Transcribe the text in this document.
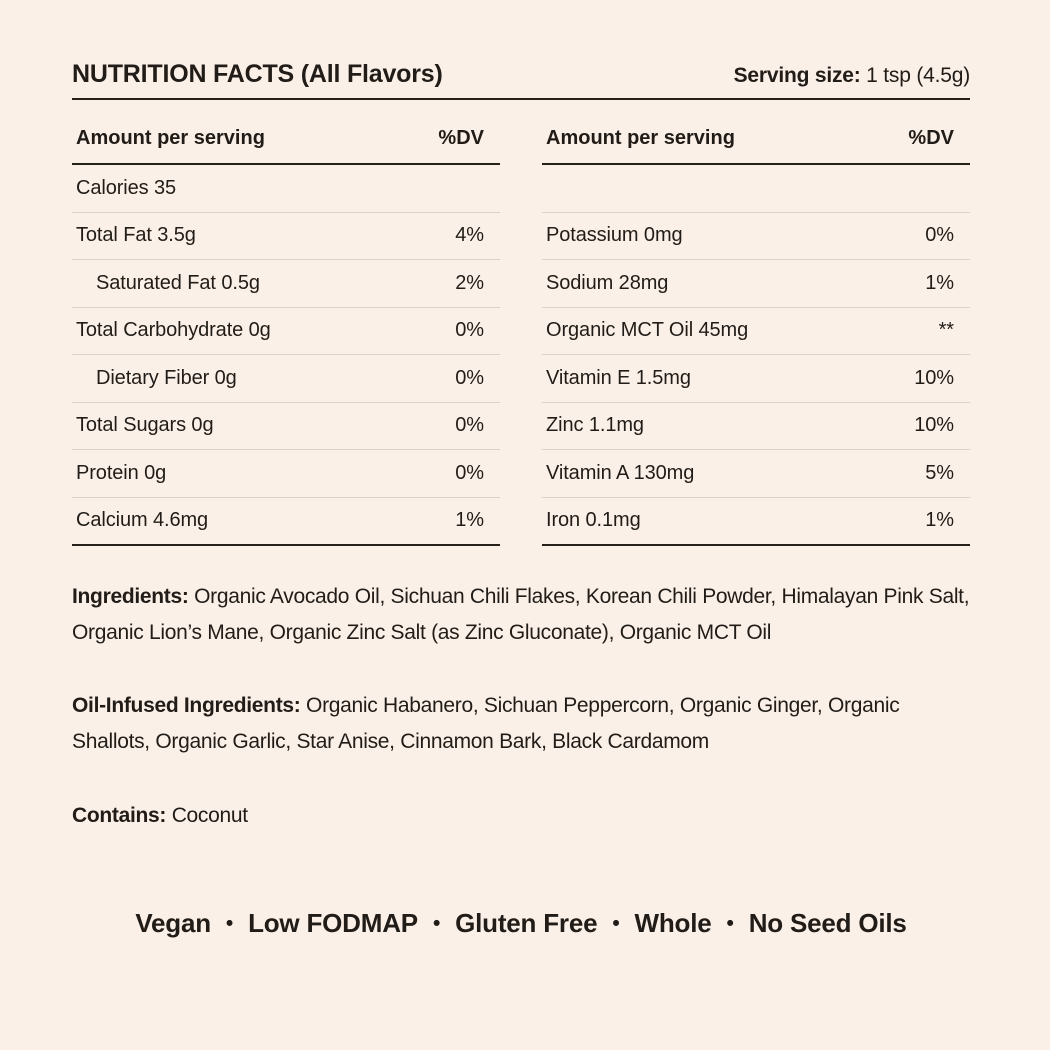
NUTRITION FACTS (All Flavors)	Serving size: 1 tsp (4.5g)
Amount per serving	%DV
Calories 35
Total Fat 3.5g	4%
Saturated Fat 0.5g	2%
Total Carbohydrate 0g	0%
Dietary Fiber 0g	0%
Total Sugars 0g	0%
Protein 0g	0%
Calcium 4.6mg	1%
Amount per serving	%DV
Potassium 0mg	0%
Sodium 28mg	1%
Organic MCT Oil 45mg	**
Vitamin E 1.5mg	10%
Zinc 1.1mg	10%
Vitamin A 130mg	5%
Iron 0.1mg	1%
Ingredients: Organic Avocado Oil, Sichuan Chili Flakes, Korean Chili Powder, Himalayan Pink Salt, Organic Lion’s Mane, Organic Zinc Salt (as Zinc Gluconate), Organic MCT Oil
Oil-Infused Ingredients: Organic Habanero, Sichuan Peppercorn, Organic Ginger, Organic Shallots, Organic Garlic, Star Anise, Cinnamon Bark, Black Cardamom
Contains: Coconut
Vegan • Low FODMAP • Gluten Free • Whole • No Seed Oils
